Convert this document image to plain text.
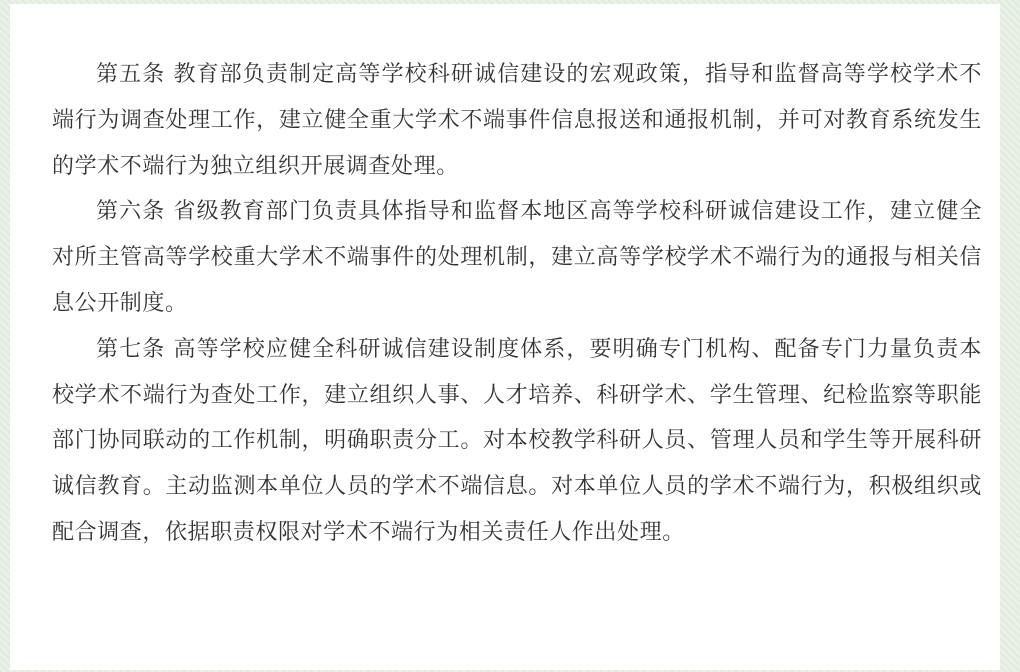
第五条 教育部负责制定高等学校科研诚信建设的宏观政策，指导和监督高等学校学术不端行为调查处理工作，建立健全重大学术不端事件信息报送和通报机制，并可对教育系统发生的学术不端行为独立组织开展调查处理。

第六条 省级教育部门负责具体指导和监督本地区高等学校科研诚信建设工作，建立健全对所主管高等学校重大学术不端事件的处理机制，建立高等学校学术不端行为的通报与相关信息公开制度。

第七条 高等学校应健全科研诚信建设制度体系，要明确专门机构、配备专门力量负责本校学术不端行为查处工作，建立组织人事、人才培养、科研学术、学生管理、纪检监察等职能部门协同联动的工作机制，明确职责分工。对本校教学科研人员、管理人员和学生等开展科研诚信教育。主动监测本单位人员的学术不端信息。对本单位人员的学术不端行为，积极组织或配合调查，依据职责权限对学术不端行为相关责任人作出处理。
